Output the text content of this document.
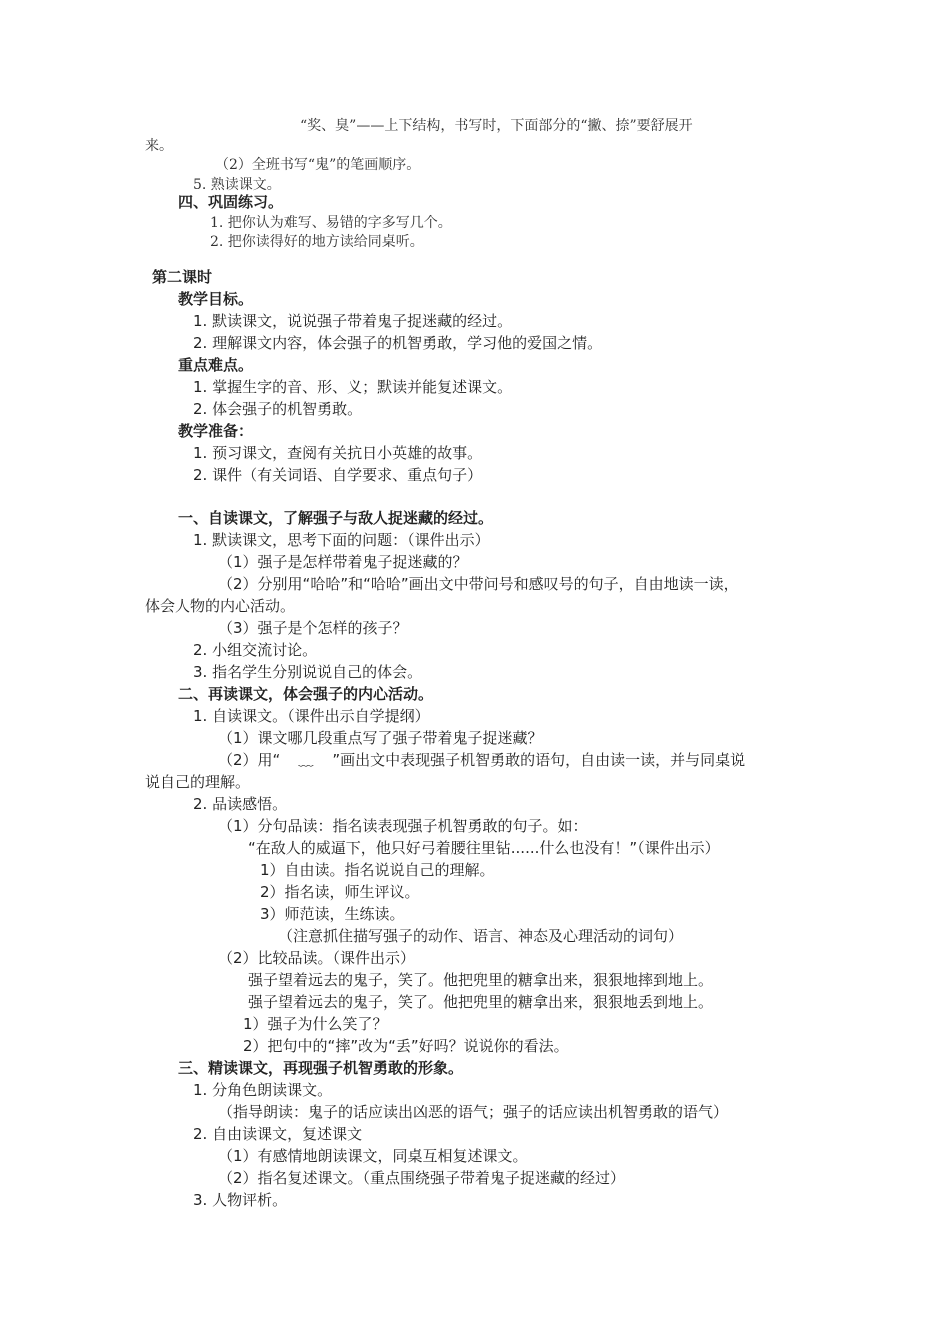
“奖、臭”——上下结构，书写时，下面部分的“撇、捺”要舒展开
来。
（2）全班书写“鬼”的笔画顺序。
5. 熟读课文。
四、巩固练习。
1. 把你认为难写、易错的字多写几个。
2. 把你读得好的地方读给同桌听。
第二课时
教学目标。
1. 默读课文，说说强子带着鬼子捉迷藏的经过。
2. 理解课文内容，体会强子的机智勇敢，学习他的爱国之情。
重点难点。
1. 掌握生字的音、形、义；默读并能复述课文。
2. 体会强子的机智勇敢。
教学准备：
1. 预习课文，查阅有关抗日小英雄的故事。
2. 课件（有关词语、自学要求、重点句子）
一、自读课文，了解强子与敌人捉迷藏的经过。
1. 默读课文，思考下面的问题：（课件出示）
（1）强子是怎样带着鬼子捉迷藏的？
（2）分别用“哈哈”和“哈哈”画出文中带问号和感叹号的句子，自由地读一读，
体会人物的内心活动。
（3）强子是个怎样的孩子？
2. 小组交流讨论。
3. 指名学生分别说说自己的体会。
二、再读课文，体会强子的内心活动。
1. 自读课文。（课件出示自学提纲）
（1）课文哪几段重点写了强子带着鬼子捉迷藏？
（2）用“ ﹏ ”画出文中表现强子机智勇敢的语句，自由读一读，并与同桌说
说自己的理解。
2. 品读感悟。
（1）分句品读：指名读表现强子机智勇敢的句子。如：
“在敌人的威逼下，他只好弓着腰往里钻......什么也没有！”（课件出示）
1）自由读。指名说说自己的理解。
2）指名读，师生评议。
3）师范读，生练读。
（注意抓住描写强子的动作、语言、神态及心理活动的词句）
（2）比较品读。（课件出示）
强子望着远去的鬼子，笑了。他把兜里的糖拿出来，狠狠地摔到地上。
强子望着远去的鬼子，笑了。他把兜里的糖拿出来，狠狠地丢到地上。
1）强子为什么笑了？
2）把句中的“摔”改为“丢”好吗？说说你的看法。
三、精读课文，再现强子机智勇敢的形象。
1. 分角色朗读课文。
（指导朗读：鬼子的话应读出凶恶的语气；强子的话应读出机智勇敢的语气）
2. 自由读课文，复述课文
（1）有感情地朗读课文，同桌互相复述课文。
（2）指名复述课文。（重点围绕强子带着鬼子捉迷藏的经过）
3. 人物评析。
